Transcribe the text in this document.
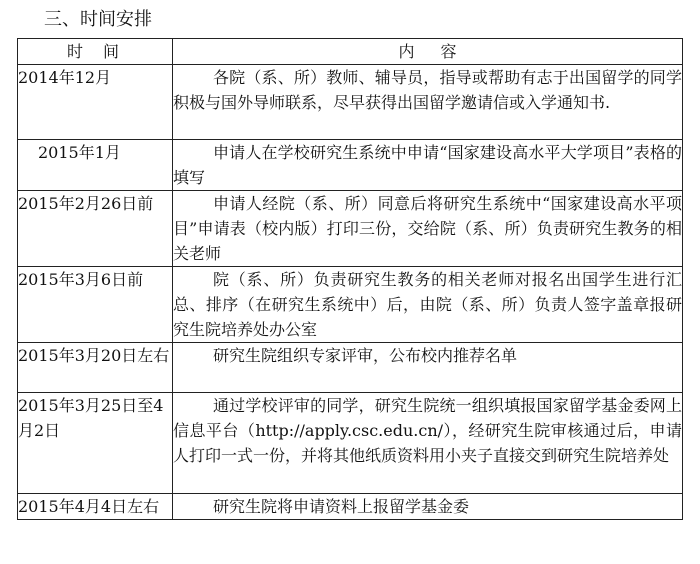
三、时间安排
时间	内容
2014年12月	各院（系、所）教师、辅导员，指导或帮助有志于出国留学的同学积极与国外导师联系，尽早获得出国留学邀请信或入学通知书.
2015年1月	申请人在学校研究生系统中申请“国家建设高水平大学项目”表格的填写
2015年2月26日前	申请人经院（系、所）同意后将研究生系统中“国家建设高水平项目”申请表（校内版）打印三份，交给院（系、所）负责研究生教务的相关老师
2015年3月6日前	院（系、所）负责研究生教务的相关老师对报名出国学生进行汇总、排序（在研究生系统中）后，由院（系、所）负责人签字盖章报研究生院培养处办公室
2015年3月20日左右	研究生院组织专家评审，公布校内推荐名单
2015年3月25日至4月2日	通过学校评审的同学，研究生院统一组织填报国家留学基金委网上信息平台（http://apply.csc.edu.cn/），经研究生院审核通过后，申请人打印一式一份，并将其他纸质资料用小夹子直接交到研究生院培养处
2015年4月4日左右	研究生院将申请资料上报留学基金委
